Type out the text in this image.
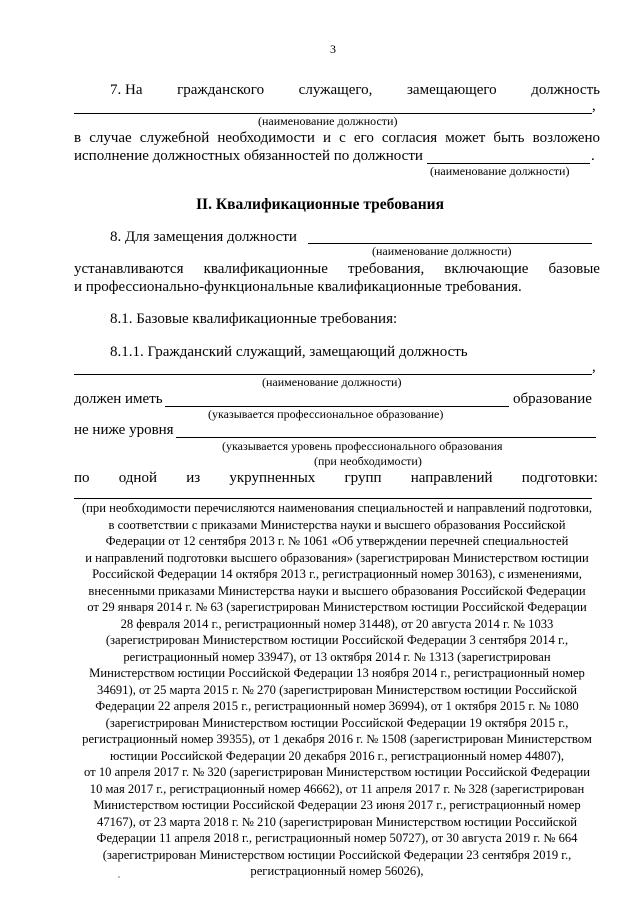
3
7. На гражданского служащего, замещающего должность
,
(наименование должности)
в случае служебной необходимости и с его согласия может быть возложено
исполнение должностных обязанностей по должности	.
(наименование должности)
II. Квалификационные требования
8. Для замещения должности
(наименование должности)
устанавливаются квалификационные требования, включающие базовые
и профессионально-функциональные квалификационные требования.
8.1. Базовые квалификационные требования:
8.1.1. Гражданский служащий, замещающий должность
,
(наименование должности)
должен иметь	образование
(указывается профессиональное образование)
не ниже уровня
(указывается уровень профессионального образования
(при необходимости)
по одной из укрупненных групп направлений подготовки:
(при необходимости перечисляются наименования специальностей и направлений подготовки,
в соответствии с приказами Министерства науки и высшего образования Российской
Федерации от 12 сентября 2013 г. № 1061 «Об утверждении перечней специальностей
и направлений подготовки высшего образования» (зарегистрирован Министерством юстиции
Российской Федерации 14 октября 2013 г., регистрационный номер 30163), с изменениями,
внесенными приказами Министерства науки и высшего образования Российской Федерации
от 29 января 2014 г. № 63 (зарегистрирован Министерством юстиции Российской Федерации
28 февраля 2014 г., регистрационный номер 31448), от 20 августа 2014 г. № 1033
(зарегистрирован Министерством юстиции Российской Федерации 3 сентября 2014 г.,
регистрационный номер 33947), от 13 октября 2014 г. № 1313 (зарегистрирован
Министерством юстиции Российской Федерации 13 ноября 2014 г., регистрационный номер
34691), от 25 марта 2015 г. № 270 (зарегистрирован Министерством юстиции Российской
Федерации 22 апреля 2015 г., регистрационный номер 36994), от 1 октября 2015 г. № 1080
(зарегистрирован Министерством юстиции Российской Федерации 19 октября 2015 г.,
регистрационный номер 39355), от 1 декабря 2016 г. № 1508 (зарегистрирован Министерством
юстиции Российской Федерации 20 декабря 2016 г., регистрационный номер 44807),
от 10 апреля 2017 г. № 320 (зарегистрирован Министерством юстиции Российской Федерации
10 мая 2017 г., регистрационный номер 46662), от 11 апреля 2017 г. № 328 (зарегистрирован
Министерством юстиции Российской Федерации 23 июня 2017 г., регистрационный номер
47167), от 23 марта 2018 г. № 210 (зарегистрирован Министерством юстиции Российской
Федерации 11 апреля 2018 г., регистрационный номер 50727), от 30 августа 2019 г. № 664
(зарегистрирован Министерством юстиции Российской Федерации 23 сентября 2019 г.,
регистрационный номер 56026),
